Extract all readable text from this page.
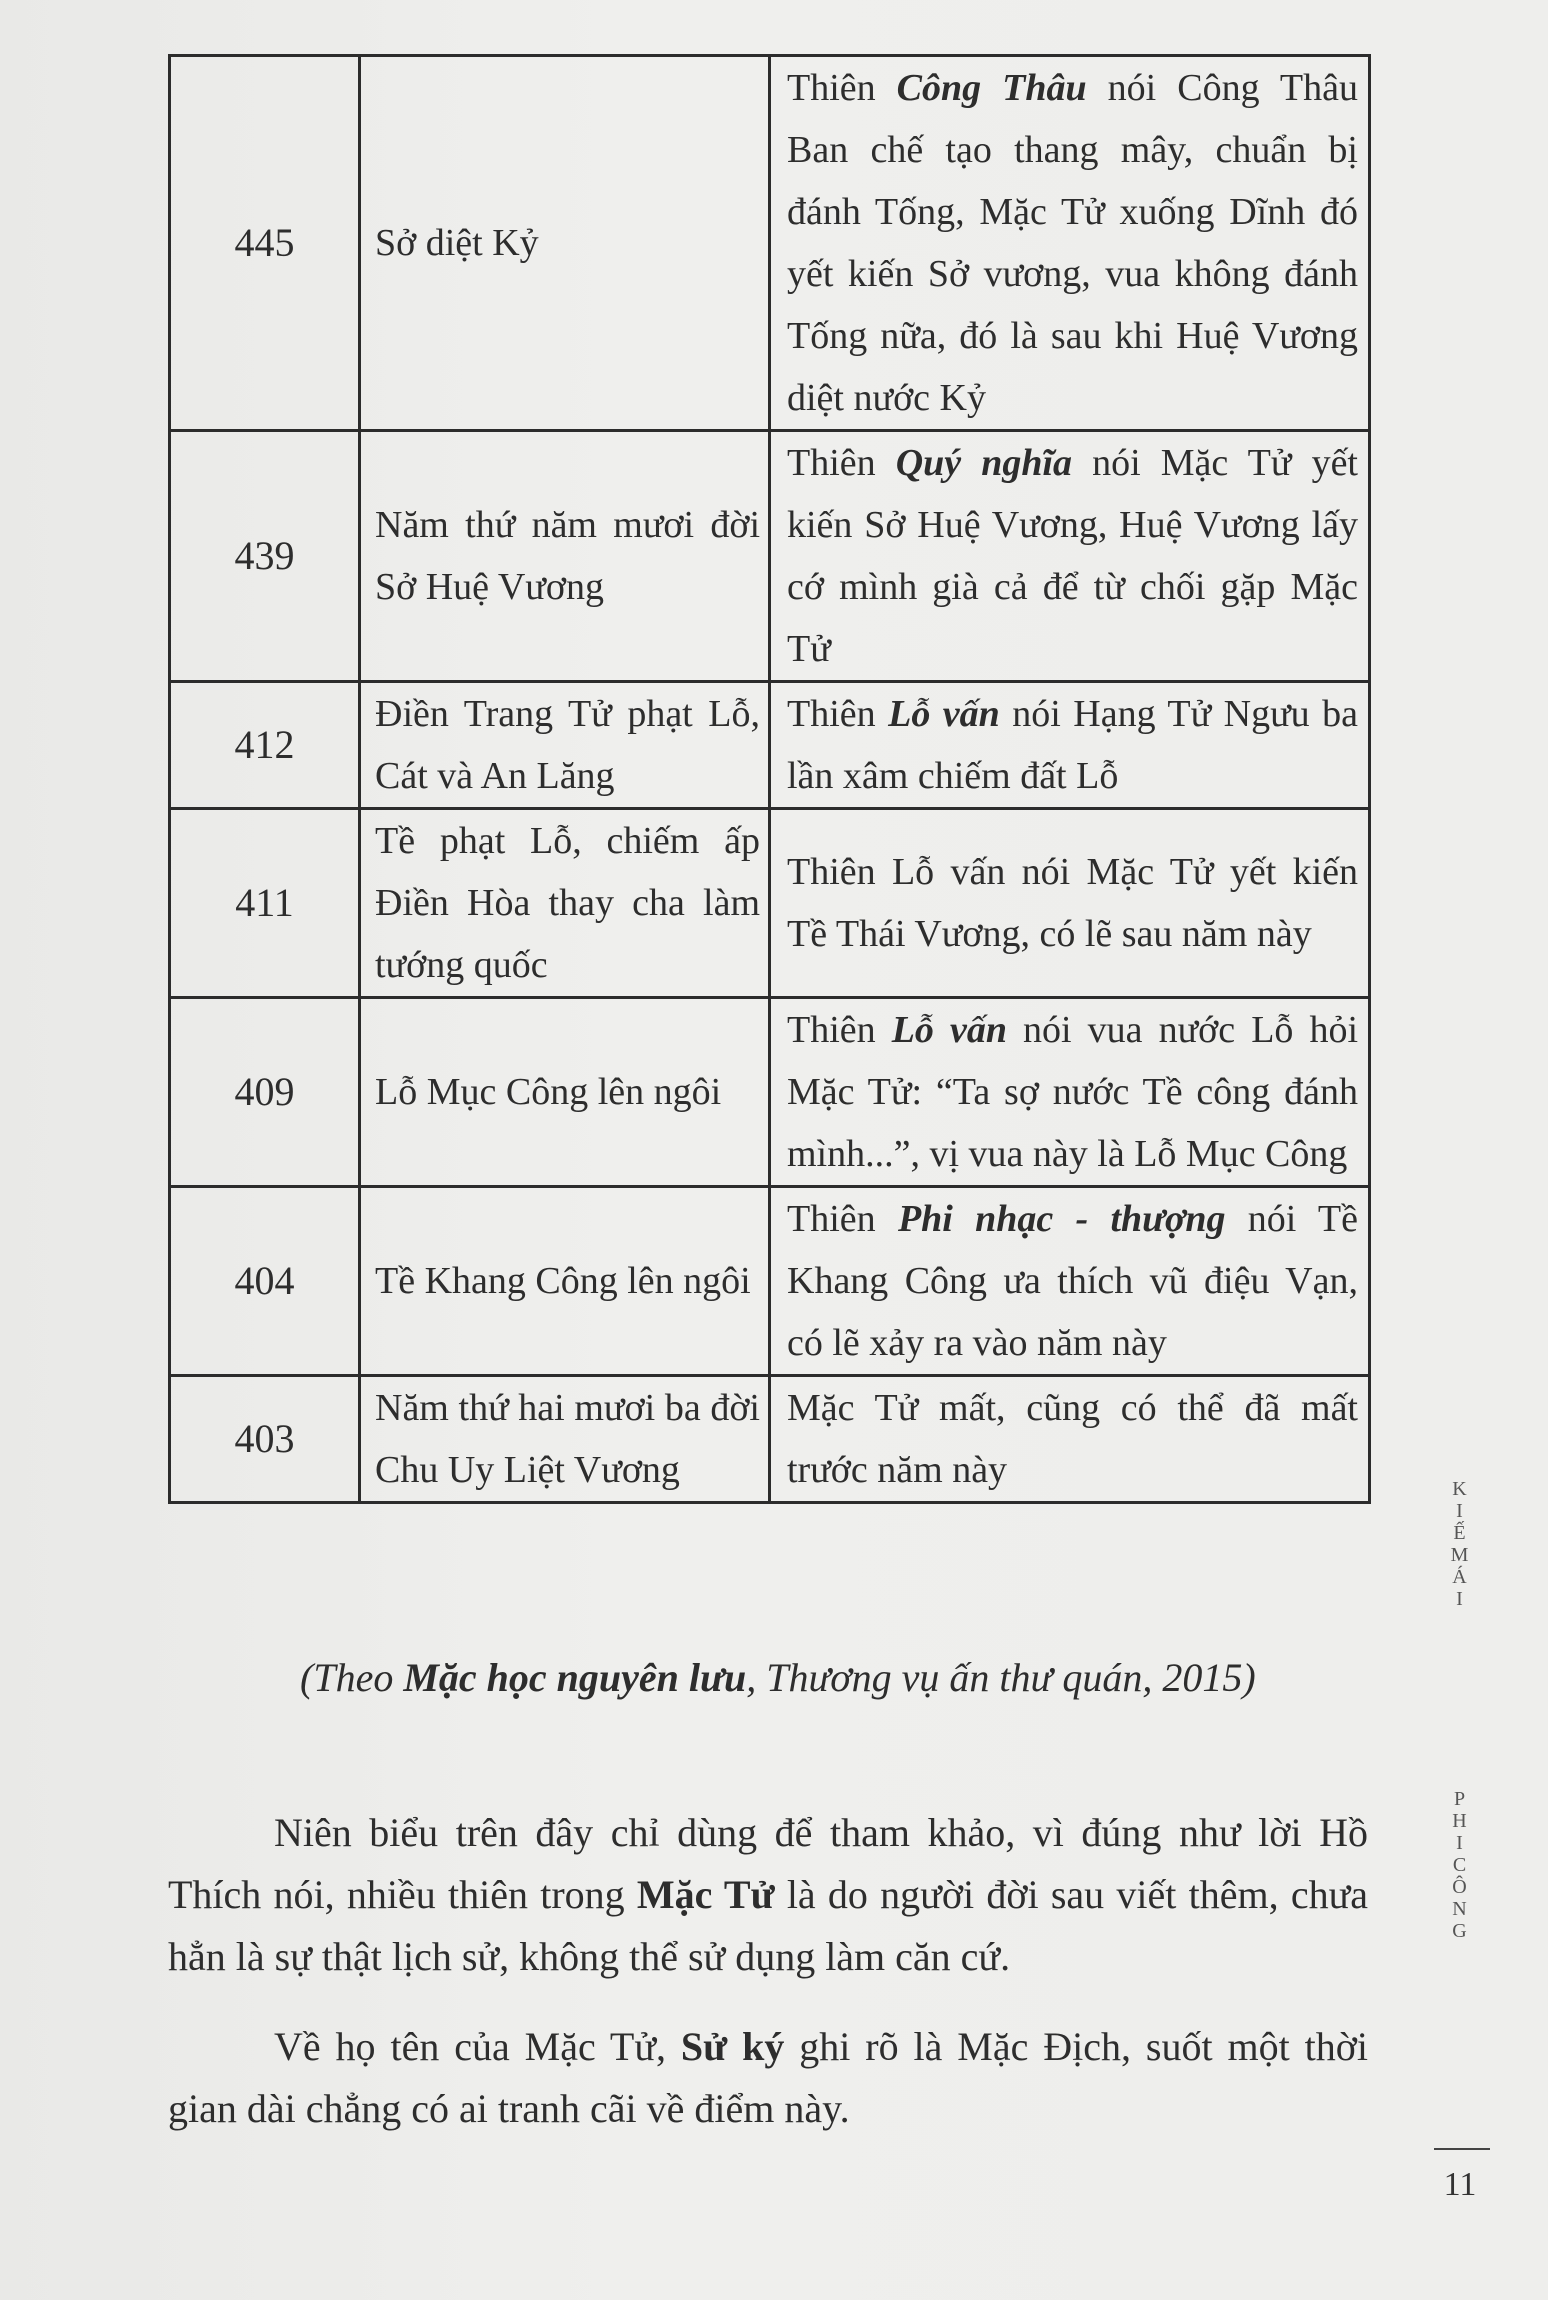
445	Sở diệt Kỷ	Thiên Công Thâu nói Công Thâu Ban chế tạo thang mây, chuẩn bị đánh Tống, Mặc Tử xuống Dĩnh đó yết kiến Sở vương, vua không đánh Tống nữa, đó là sau khi Huệ Vương diệt nước Kỷ
439	Năm thứ năm mươi đời Sở Huệ Vương	Thiên Quý nghĩa nói Mặc Tử yết kiến Sở Huệ Vương, Huệ Vương lấy cớ mình già cả để từ chối gặp Mặc Tử
412	Điền Trang Tử phạt Lỗ, Cát và An Lăng	Thiên Lỗ vấn nói Hạng Tử Ngưu ba lần xâm chiếm đất Lỗ
411	Tề phạt Lỗ, chiếm ấp Điền Hòa thay cha làm tướng quốc	Thiên Lỗ vấn nói Mặc Tử yết kiến Tề Thái Vương, có lẽ sau năm này
409	Lỗ Mục Công lên ngôi	Thiên Lỗ vấn nói vua nước Lỗ hỏi Mặc Tử: “Ta sợ nước Tề công đánh mình...”, vị vua này là Lỗ Mục Công
404	Tề Khang Công lên ngôi	Thiên Phi nhạc - thượng nói Tề Khang Công ưa thích vũ điệu Vạn, có lẽ xảy ra vào năm này
403	Năm thứ hai mươi ba đời Chu Uy Liệt Vương	Mặc Tử mất, cũng có thể đã mất trước năm này
(Theo Mặc học nguyên lưu, Thương vụ ấn thư quán, 2015)
Niên biểu trên đây chỉ dùng để tham khảo, vì đúng như lời Hồ Thích nói, nhiều thiên trong Mặc Tử là do người đời sau viết thêm, chưa hẳn là sự thật lịch sử, không thể sử dụng làm căn cứ.
Về họ tên của Mặc Tử, Sử ký ghi rõ là Mặc Địch, suốt một thời gian dài chẳng có ai tranh cãi về điểm này.
K
I
Ế
M
Á
I
P
H
I
C
Ô
N
G
11
